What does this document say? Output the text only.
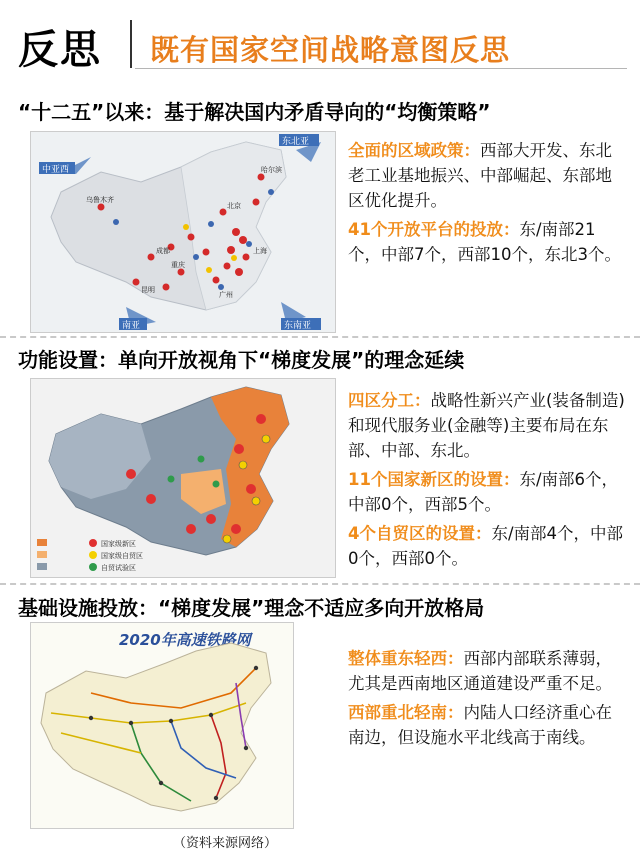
反思 既有国家空间战略意图反思
“十二五”以来：基于解决国内矛盾导向的“均衡策略”
中亚西
东北亚
东南亚
南亚
乌鲁木齐
哈尔滨
北京
上海
成都
重庆
广州
昆明

全面的区域政策：西部大开发、东北老工业基地振兴、中部崛起、东部地区优化提升。

41个开放平台的投放：东/南部21个，中部7个，西部10个，东北3个。

功能设置：单向开放视角下“梯度发展”的理念延续
国家级新区
国家级自贸区
自贸试验区

四区分工：战略性新兴产业(装备制造)和现代服务业(金融等)主要布局在东部、中部、东北。

11个国家新区的设置：东/南部6个，中部0个，西部5个。

4个自贸区的设置：东/南部4个，中部0个，西部0个。

基础设施投放：“梯度发展”理念不适应多向开放格局
2020年高速铁路网

整体重东轻西：西部内部联系薄弱，尤其是西南地区通道建设严重不足。

西部重北轻南：内陆人口经济重心在南边，但设施水平北线高于南线。

（资料来源网络）
